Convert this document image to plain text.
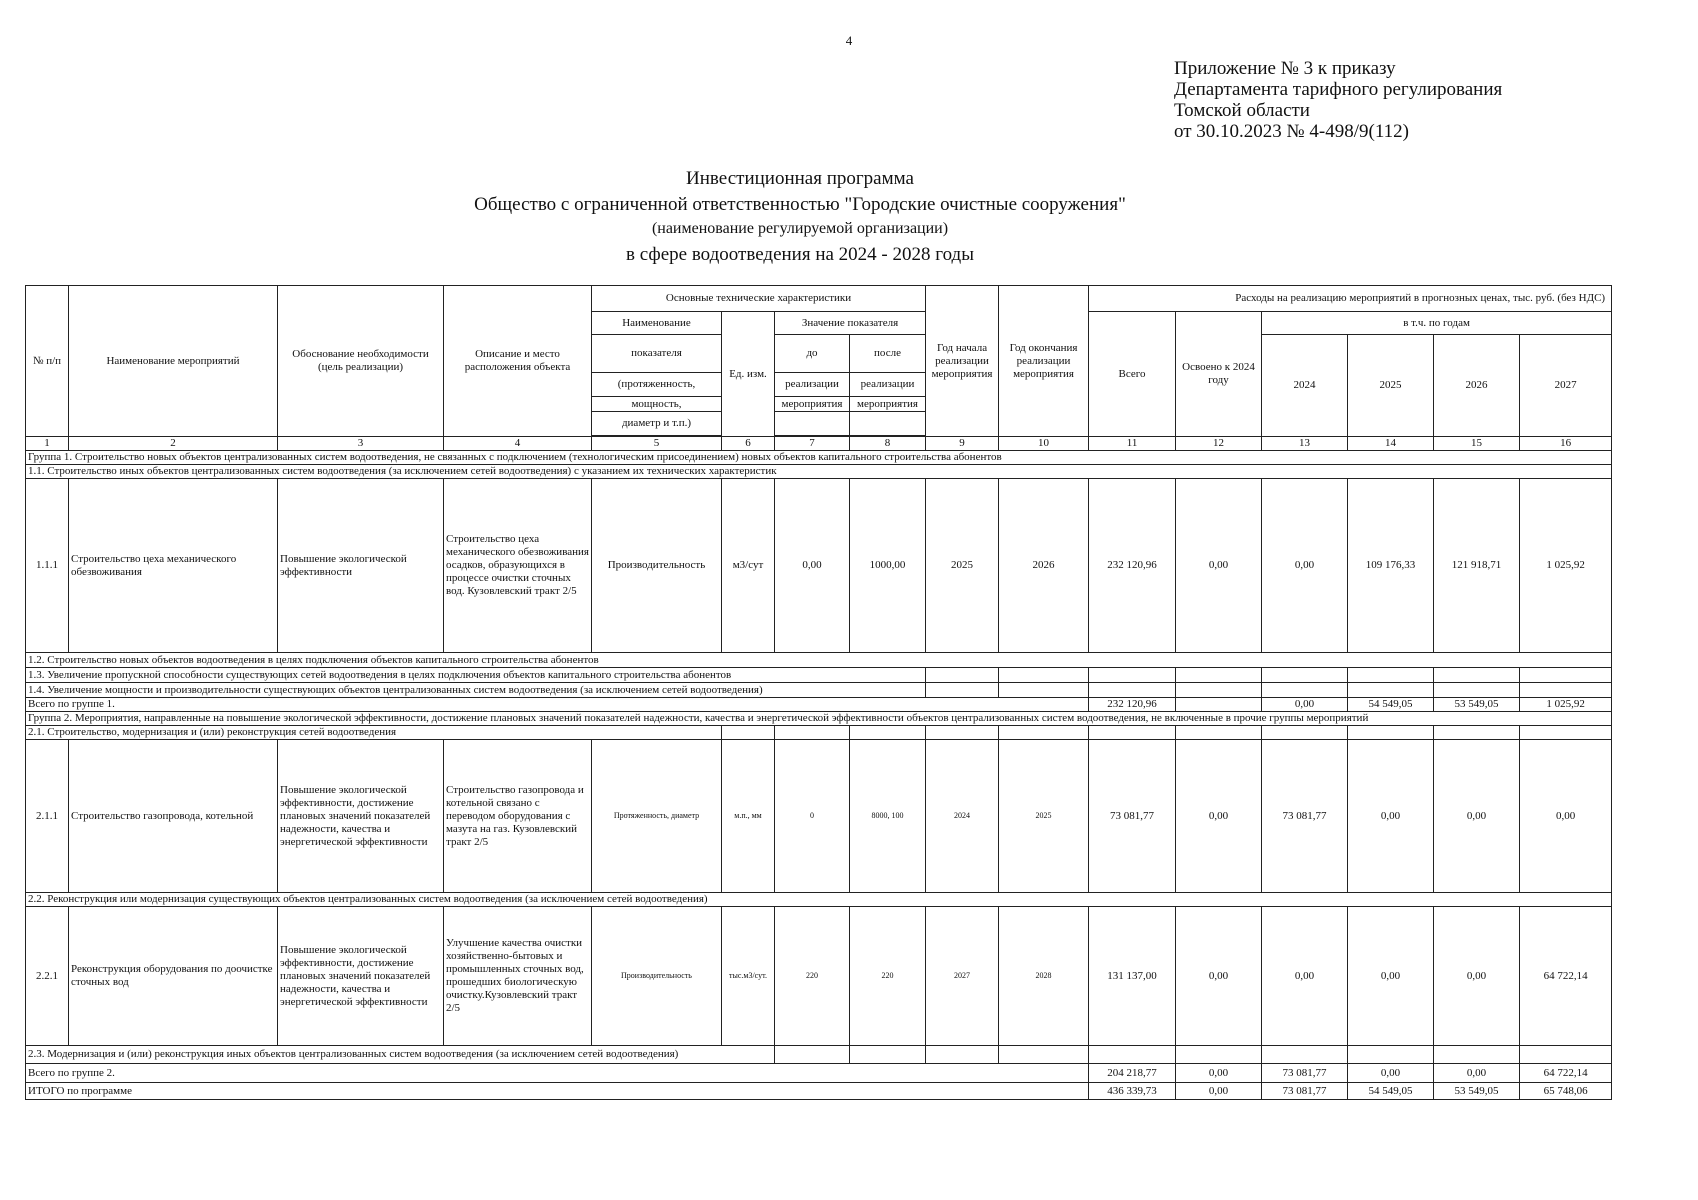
4
Приложение № 3 к приказу
Департамента тарифного регулирования
Томской области
от 30.10.2023 № 4-498/9(112)
Инвестиционная программа
Общество с ограниченной ответственностью "Городские очистные сооружения"
(наименование регулируемой организации)
в сфере водоотведения на 2024 - 2028 годы
№ п/п	Наименование мероприятий	Обоснование необходимости (цель реализации)	Описание и место расположения объекта	Основные технические характеристики				Год начала реализации мероприятия	Год окончания реализации мероприятия	Расходы на реализацию мероприятий в прогнозных ценах, тыс. руб. (без НДС)					
				Наименование	Ед. изм.	Значение показателя				Всего	Освоено к 2024 году	в т.ч. по годам			
				показателя		до	после					2024	2025	2026	2027
				(протяженность,		реализации	реализации								
				мощность,		мероприятия	мероприятия								
				диаметр и т.п.)											

1	2	3	4	5	6	7	8	9	10	11	12	13	14	15	16
Группа 1. Строительство новых объектов централизованных систем водоотведения, не связанных с подключением (технологическим присоединением) новых объектов капитального строительства абонентов															
1.1. Строительство иных объектов централизованных систем водоотведения (за исключением сетей водоотведения) с указанием их технических характеристик															
1.1.1	Строительство цеха механического обезвоживания	Повышение экологической эффективности	Строительство цеха механического обезвоживания осадков, образующихся в процессе очистки сточных вод. Кузовлевский тракт 2/5	Производительность	м3/сут	0,00	1000,00	2025	2026	232 120,96	0,00	0,00	109 176,33	121 918,71	1 025,92
1.2. Строительство новых объектов водоотведения в целях подключения объектов капитального строительства абонентов															
1.3. Увеличение пропускной способности существующих сетей водоотведения в целях подключения объектов капитального строительства абонентов															
1.4. Увеличение мощности и производительности существующих объектов централизованных систем водоотведения (за исключением сетей водоотведения)															
Всего по группе 1.										232 120,96		0,00	54 549,05	53 549,05	1 025,92
Группа 2. Мероприятия, направленные на повышение экологической эффективности, достижение плановых значений показателей надежности, качества и энергетической эффективности объектов централизованных систем водоотведения, не включенные в прочие группы мероприятий															
2.1. Строительство, модернизация и (или) реконструкция сетей водоотведения															
2.1.1	Строительство газопровода, котельной	Повышение экологической эффективности, достижение плановых значений показателей надежности, качества и энергетической эффективности	Строительство газопровода и котельной связано с переводом оборудования с мазута на газ. Кузовлевский тракт 2/5	Протяженность, диаметр	м.п., мм	0	8000, 100	2024	2025	73 081,77	0,00	73 081,77	0,00	0,00	0,00
2.2. Реконструкция или модернизация существующих объектов централизованных систем водоотведения (за исключением сетей водоотведения)															
2.2.1	Реконструкция оборудования по доочистке сточных вод	Повышение экологической эффективности, достижение плановых значений показателей надежности, качества и энергетической эффективности	Улучшение качества очистки хозяйственно-бытовых и промышленных сточных вод, прошедших биологическую очистку.Кузовлевский тракт 2/5	Производительность	тыс.м3/сут.	220	220	2027	2028	131 137,00	0,00	0,00	0,00	0,00	64 722,14
2.3. Модернизация и (или) реконструкция иных объектов централизованных систем водоотведения (за исключением сетей водоотведения)															
Всего по группе 2.										204 218,77	0,00	73 081,77	0,00	0,00	64 722,14
ИТОГО по программе										436 339,73	0,00	73 081,77	54 549,05	53 549,05	65 748,06
